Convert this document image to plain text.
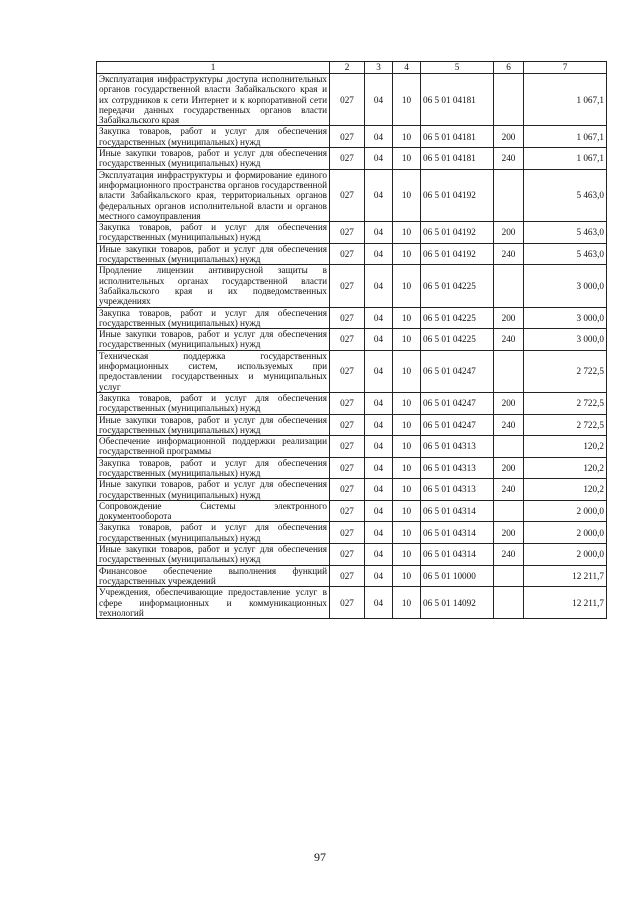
1	2	3	4	5	6	7
Эксплуатация инфраструктуры доступа исполнительных органов государственной власти Забайкальского края и их сотрудников к сети Интернет и к корпоративной сети передачи данных государственных органов власти Забайкальского края	027	04	10	06 5 01 04181		1 067,1
Закупка товаров, работ и услуг для обеспечения государственных (муниципальных) нужд	027	04	10	06 5 01 04181	200	1 067,1
Иные закупки товаров, работ и услуг для обеспечения государственных (муниципальных) нужд	027	04	10	06 5 01 04181	240	1 067,1
Эксплуатация инфраструктуры и формирование единого информационного пространства органов государственной власти Забайкальского края, территориальных органов федеральных органов исполнительной власти и органов местного самоуправления	027	04	10	06 5 01 04192		5 463,0
Закупка товаров, работ и услуг для обеспечения государственных (муниципальных) нужд	027	04	10	06 5 01 04192	200	5 463,0
Иные закупки товаров, работ и услуг для обеспечения государственных (муниципальных) нужд	027	04	10	06 5 01 04192	240	5 463,0
Продление лицензии антивирусной защиты в исполнительных органах государственной власти Забайкальского края и их подведомственных учреждениях	027	04	10	06 5 01 04225		3 000,0
Закупка товаров, работ и услуг для обеспечения государственных (муниципальных) нужд	027	04	10	06 5 01 04225	200	3 000,0
Иные закупки товаров, работ и услуг для обеспечения государственных (муниципальных) нужд	027	04	10	06 5 01 04225	240	3 000,0
Техническая поддержка государственных информационных систем, используемых при предоставлении государственных и муниципальных услуг	027	04	10	06 5 01 04247		2 722,5
Закупка товаров, работ и услуг для обеспечения государственных (муниципальных) нужд	027	04	10	06 5 01 04247	200	2 722,5
Иные закупки товаров, работ и услуг для обеспечения государственных (муниципальных) нужд	027	04	10	06 5 01 04247	240	2 722,5
Обеспечение информационной поддержки реализации государственной программы	027	04	10	06 5 01 04313		120,2
Закупка товаров, работ и услуг для обеспечения государственных (муниципальных) нужд	027	04	10	06 5 01 04313	200	120,2
Иные закупки товаров, работ и услуг для обеспечения государственных (муниципальных) нужд	027	04	10	06 5 01 04313	240	120,2
Сопровождение Системы электронного документооборота	027	04	10	06 5 01 04314		2 000,0
Закупка товаров, работ и услуг для обеспечения государственных (муниципальных) нужд	027	04	10	06 5 01 04314	200	2 000,0
Иные закупки товаров, работ и услуг для обеспечения государственных (муниципальных) нужд	027	04	10	06 5 01 04314	240	2 000,0
Финансовое обеспечение выполнения функций государственных учреждений	027	04	10	06 5 01 10000		12 211,7
Учреждения, обеспечивающие предоставление услуг в сфере информационных и коммуникационных технологий	027	04	10	06 5 01 14092		12 211,7
97
